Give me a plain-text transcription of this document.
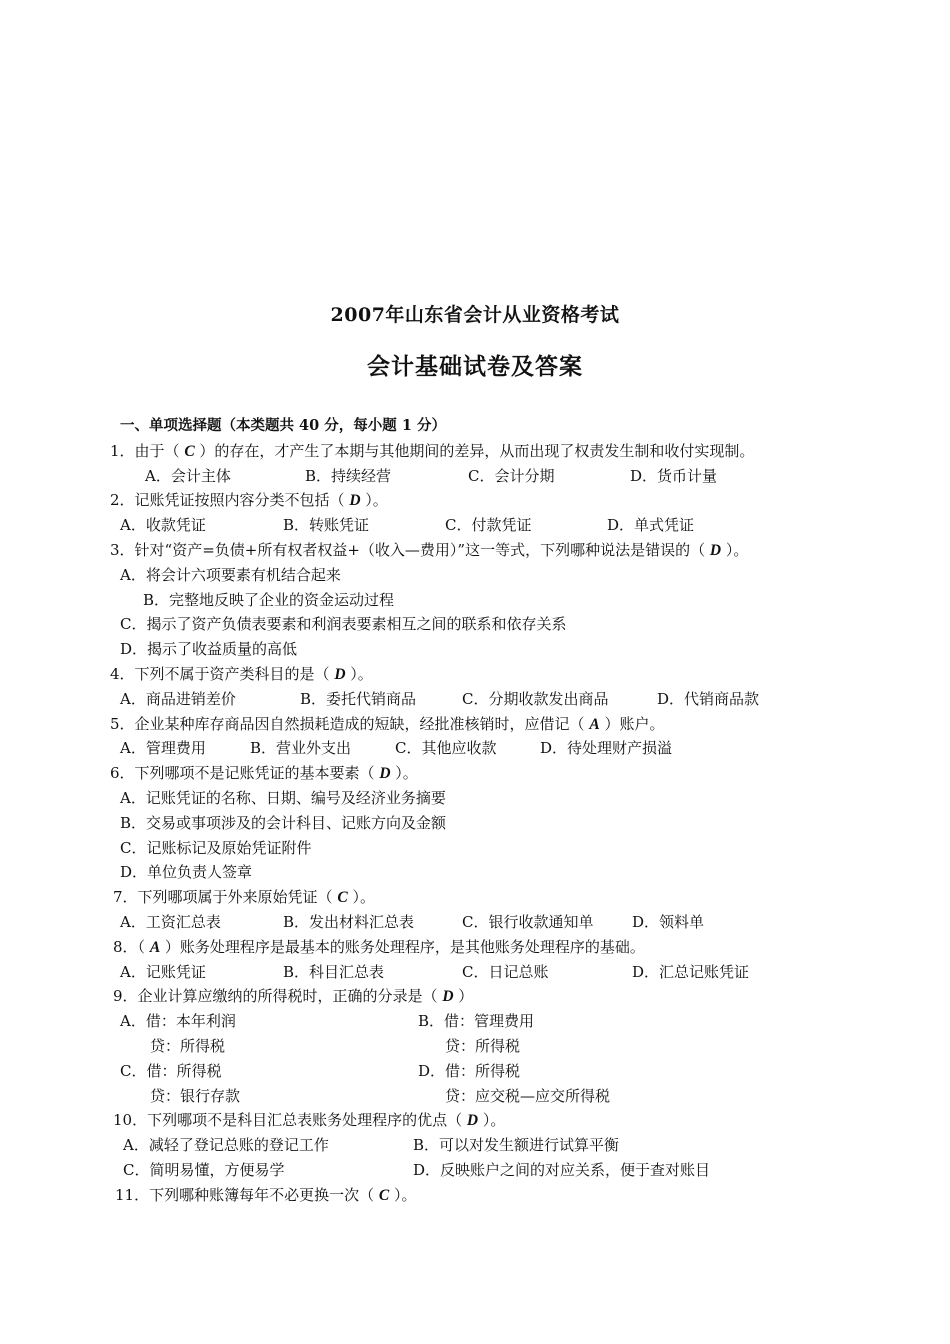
2007年山东省会计从业资格考试
会计基础试卷及答案
一、单项选择题（本类题共 40 分，每小题 1 分）
1．由于（ C ）的存在，才产生了本期与其他期间的差异，从而出现了权责发生制和收付实现制。
A．会计主体	B．持续经营	C．会计分期	D．货币计量
2．记账凭证按照内容分类不包括（ D ）。
A．收款凭证	B．转账凭证	C．付款凭证	D．单式凭证
3．针对“资产=负债+所有权者权益+（收入—费用）”这一等式，下列哪种说法是错误的（ D ）。
A．将会计六项要素有机结合起来
B．完整地反映了企业的资金运动过程
C．揭示了资产负债表要素和利润表要素相互之间的联系和依存关系
D．揭示了收益质量的高低
4．下列不属于资产类科目的是（ D ）。
A．商品进销差价	B．委托代销商品	C．分期收款发出商品	D．代销商品款
5．企业某种库存商品因自然损耗造成的短缺，经批准核销时，应借记（ A ）账户。
A．管理费用	B．营业外支出	C．其他应收款	D．待处理财产损溢
6．下列哪项不是记账凭证的基本要素（ D ）。
A．记账凭证的名称、日期、编号及经济业务摘要
B．交易或事项涉及的会计科目、记账方向及金额
C．记账标记及原始凭证附件
D．单位负责人签章
7．下列哪项属于外来原始凭证（ C ）。
A．工资汇总表	B．发出材料汇总表	C．银行收款通知单	D．领料单
8．（ A ）账务处理程序是最基本的账务处理程序，是其他账务处理程序的基础。
A．记账凭证	B．科目汇总表	C．日记总账	D．汇总记账凭证
9．企业计算应缴纳的所得税时，正确的分录是（ D ）
A．借：本年利润	B．借：管理费用
贷：所得税	贷：所得税
C．借：所得税	D．借：所得税
贷：银行存款	贷：应交税—应交所得税
10．下列哪项不是科目汇总表账务处理程序的优点（ D ）。
A．减轻了登记总账的登记工作	B．可以对发生额进行试算平衡
C．简明易懂，方便易学	D．反映账户之间的对应关系，便于查对账目
11．下列哪种账簿每年不必更换一次（ C ）。
